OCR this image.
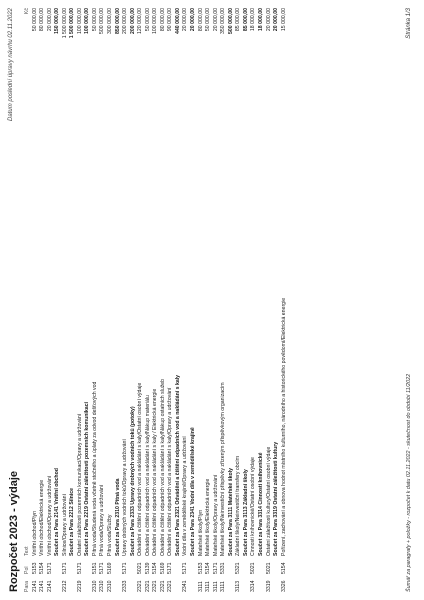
Rozpočet 2023 - výdaje
Datum poslední úpravy návrhu 02.11.2022
Para	Pol	Text	Kč
2141	5153	Vnitřní obchod/Plyn	50 000,00
2141	5154	Vnitřní obchod/Elektrická energie	80 000,00
2141	5171	Vnitřní obchod/Opravy a udržování	20 000,00
		Součet za Para 2141 Vnitřní obchod	150 000,00
2212	5171	Silnice/Opravy a udržování	1 500 000,00
		Součet za Para 2212 Silnice	1 500 000,00
2219	5171	Ostatní záležitosti pozemních komunikací/Opravy a udržování	100 000,00
		Součet za Para 2219 Ostatní záležitosti pozemních komunikací	100 000,00
2310	5151	Pitná voda/Studená voda včetně stočného a úplaty za odvod dešťových vod	50 000,00
2310	5171	Pitná voda/Opravy a udržování	500 000,00
2310	5169	Pitná voda/Služby	300 000,00
		Součet za Para 2310 Pitná voda	850 000,00
2333	5171	Úpravy drobných vodních toků/Opravy a udržování	200 000,00
		Součet za Para 2333 Úpravy drobných vodních toků (potoky)	200 000,00
2321	5021	Odvádění a čištění odpadních vod a nakládání s kaly/Ostatní osobní výdaje	120 000,00
2321	5139	Odvádění a čištění odpadních vod a nakládání s kaly/Nákup materiálu	50 000,00
2321	5154	Odvádění a čištění odpadních vod a nakládání s kaly / Elektrická energie	100 000,00
2321	5169	Odvádění a čištění odpadních vod a nakládání s kaly/Nákup ostatních služeb	80 000,00
2321	5171	Odvádění a čištění odpadních vod a nakládání s kaly/Opravy a udržování	90 000,00
		Součet za Para 2321 Odvádění a čištění odpadních vod a nakládání s kaly	440 000,00
2341	5171	Vodní díla v zemědělské krajině/Opravy a udržování	20 000,00
		Součet za Para 2341 Vodní díla v zemědělské krajině	20 000,00
3111	5153	Mateřské školy/Plyn	80 000,00
3111	5154	Mateřské školy/Elektrická energie	50 000,00
3111	5171	Mateřské školy/Opravy a udržování	20 000,00
3111	5331	Mateřské školy/Neinvestiční příspěvky zřízeným příspěvkovým organizacím	350 000,00
		Součet za Para 3111 Mateřské školy	500 000,00
3113	5321	Základní školy/Neinvestiční transfery obcím	85 000,00
		Součet za Para 3113 Základní školy	85 000,00
3314	5021	Činnosti knihovnické/Ostatní osobní výdaje	18 000,00
		Součet za Para 3314 Činnosti knihovnické	18 000,00
3319	5021	Ostatní záležitosti kultury/Ostatní osobní výdaje	20 000,00
		Součet za Para 3319 Ostatní záležitosti kultury	20 000,00
3326	5154	Pořízení, zachování a obnova hodnot místního kulturního, národního a historického povědomí/Elektrická energie	15 000,00
Šumář za paragrafy + položky - rozpočet k datu 02.11.2022 - skutečnost do období 11/2022
Stránka 1/3
